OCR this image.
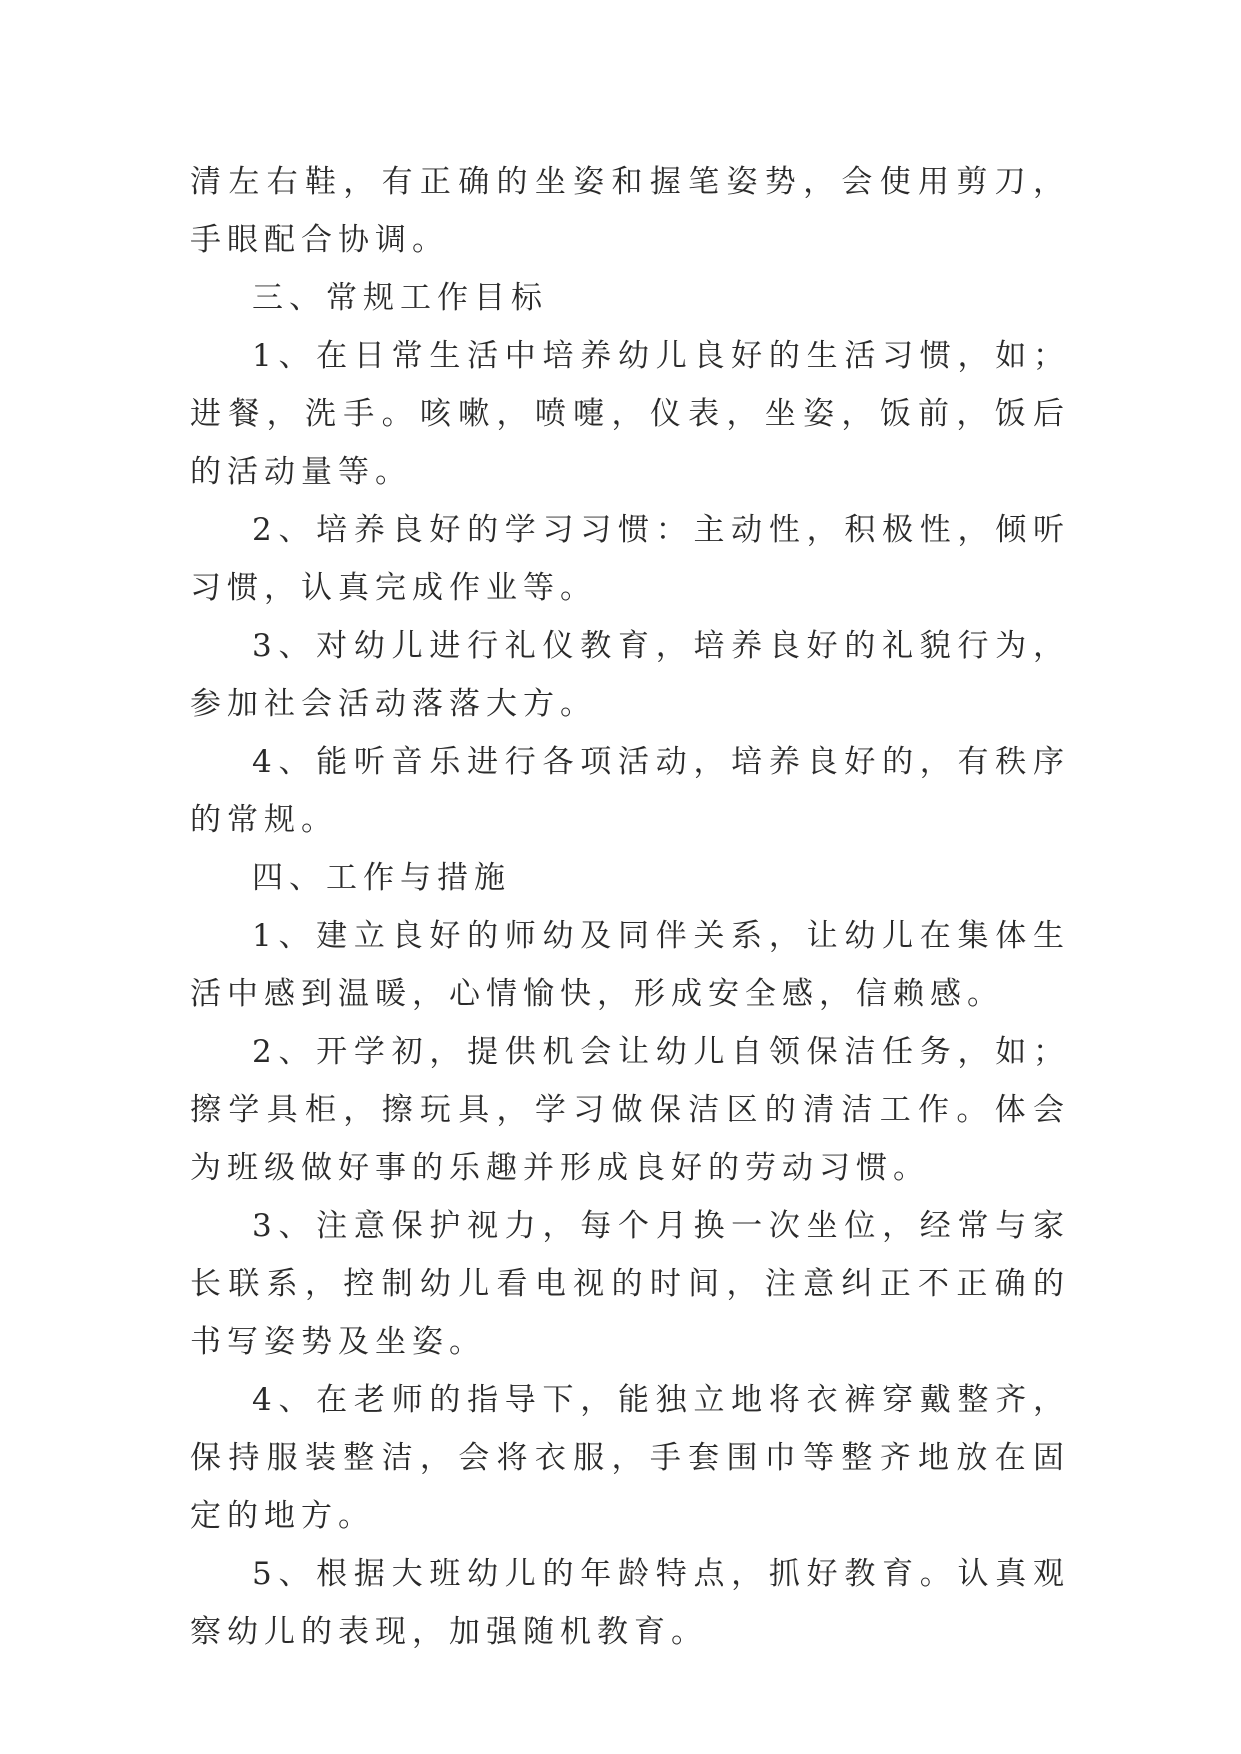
清左右鞋，有正确的坐姿和握笔姿势，会使用剪刀，手眼配合协调。

三、常规工作目标

1、在日常生活中培养幼儿良好的生活习惯，如；进餐，洗手。咳嗽，喷嚏，仪表，坐姿，饭前，饭后的活动量等。

2、培养良好的学习习惯：主动性，积极性，倾听习惯，认真完成作业等。

3、对幼儿进行礼仪教育，培养良好的礼貌行为，参加社会活动落落大方。

4、能听音乐进行各项活动，培养良好的，有秩序的常规。

四、工作与措施

1、建立良好的师幼及同伴关系，让幼儿在集体生活中感到温暖，心情愉快，形成安全感，信赖感。

2、开学初，提供机会让幼儿自领保洁任务，如；擦学具柜，擦玩具，学习做保洁区的清洁工作。体会为班级做好事的乐趣并形成良好的劳动习惯。

3、注意保护视力，每个月换一次坐位，经常与家长联系，控制幼儿看电视的时间，注意纠正不正确的书写姿势及坐姿。

4、在老师的指导下，能独立地将衣裤穿戴整齐，保持服装整洁，会将衣服，手套围巾等整齐地放在固定的地方。

5、根据大班幼儿的年龄特点，抓好教育。认真观察幼儿的表现，加强随机教育。
